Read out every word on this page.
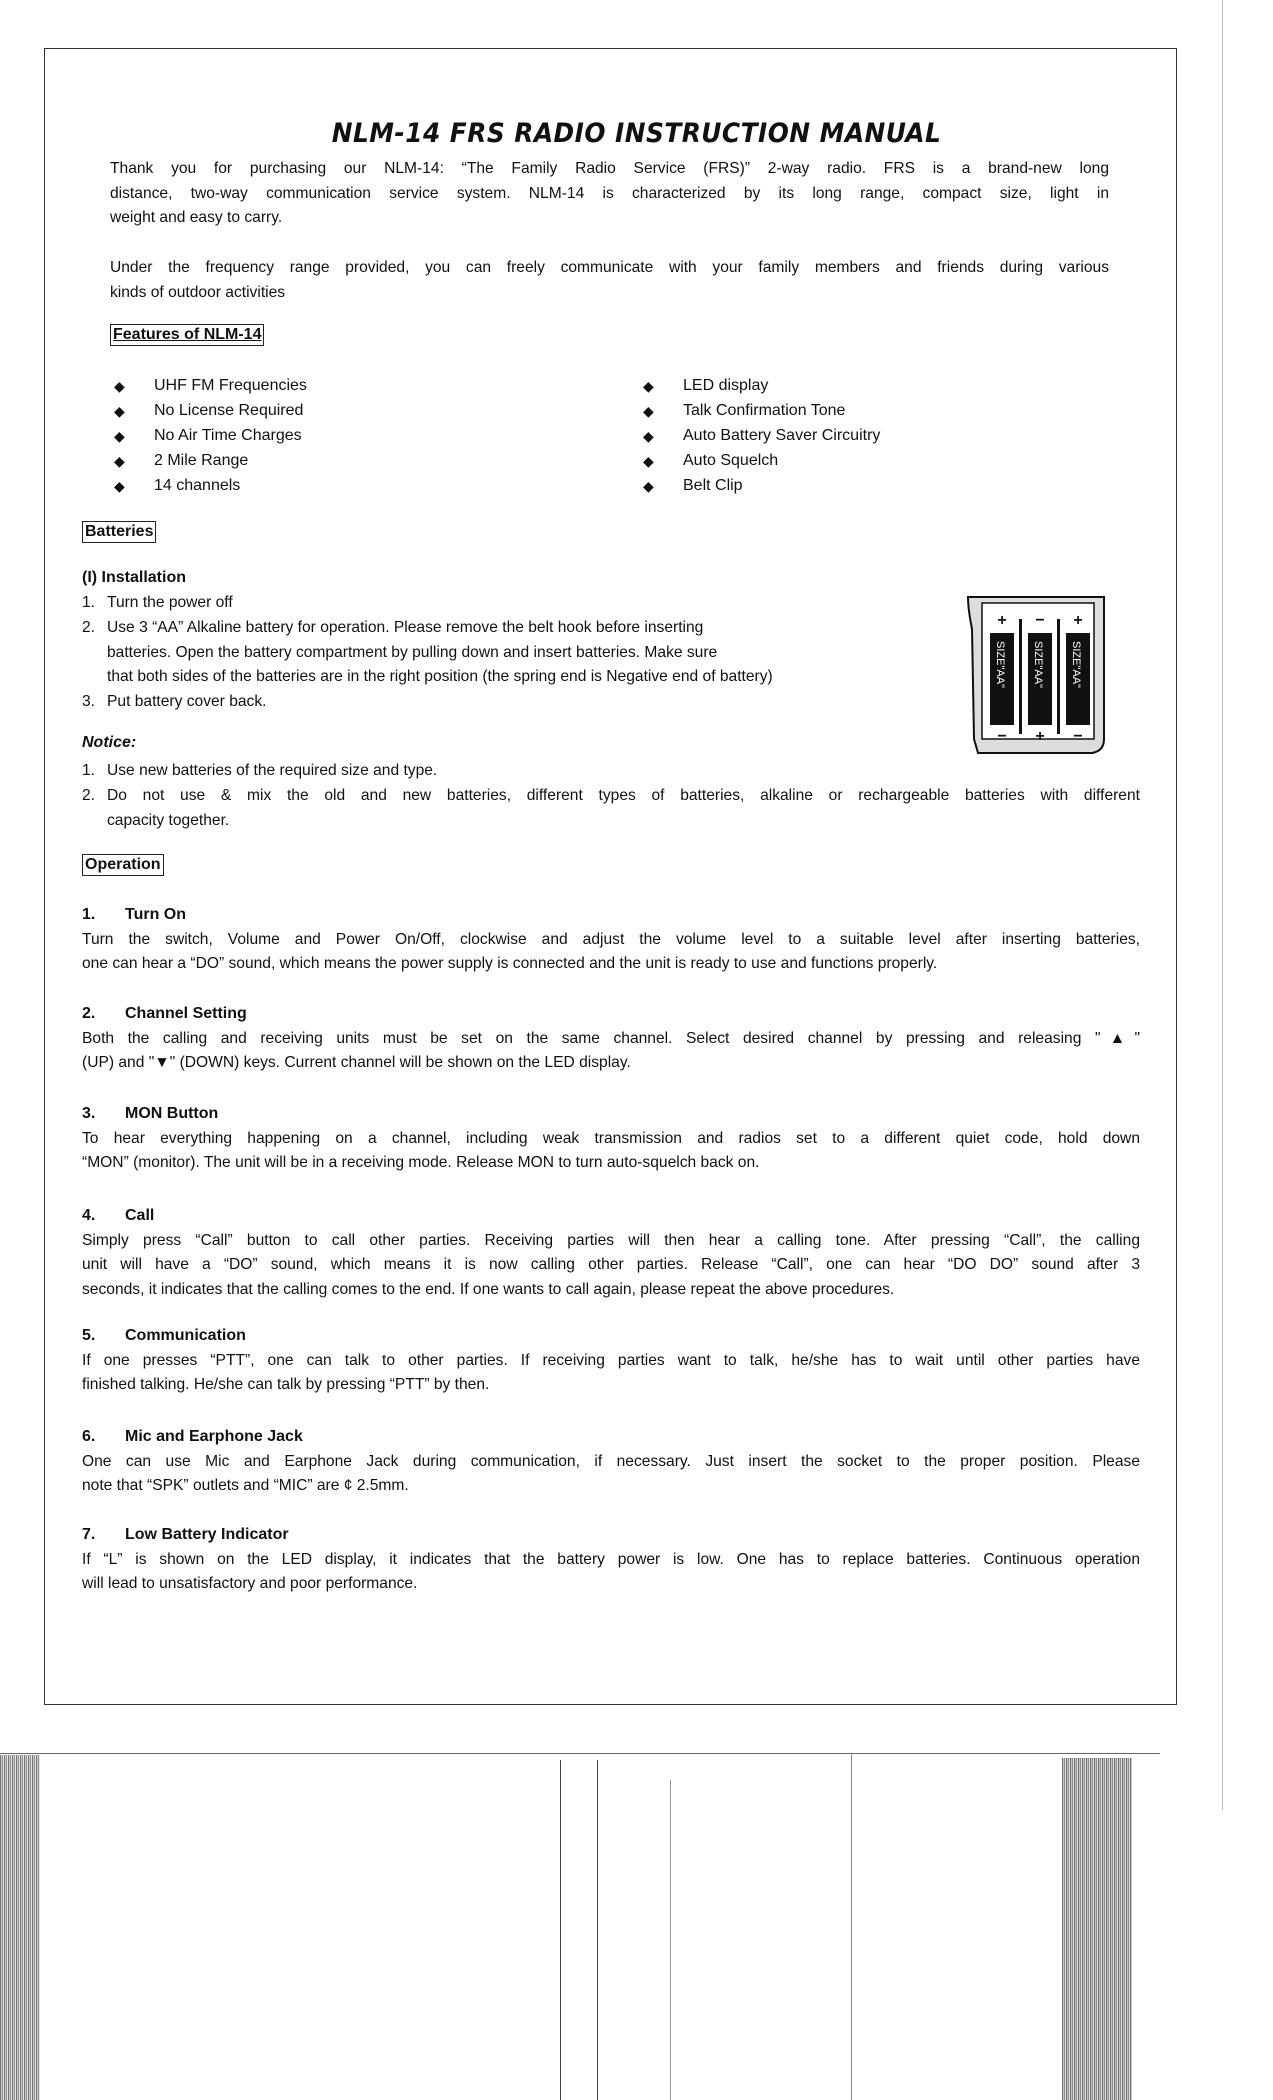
NLM-14 FRS RADIO INSTRUCTION MANUAL
Thank you for purchasing our NLM-14: “The Family Radio Service (FRS)” 2-way radio. FRS is a brand-new long
distance, two-way communication service system. NLM-14 is characterized by its long range, compact size, light in
weight and easy to carry.
Under the frequency range provided, you can freely communicate with your family members and friends during various
kinds of outdoor activities
Features of NLM-14
◆	UHF FM Frequencies
◆	No License Required
◆	No Air Time Charges
◆	2 Mile Range
◆	14 channels
◆	LED display
◆	Talk Confirmation Tone
◆	Auto Battery Saver Circuitry
◆	Auto Squelch
◆	Belt Clip
Batteries
(I) Installation
1. Turn the power off
2. Use 3 “AA” Alkaline battery for operation. Please remove the belt hook before inserting
batteries. Open the battery compartment by pulling down and insert batteries. Make sure
that both sides of the batteries are in the right position (the spring end is Negative end of battery)
3. Put battery cover back.
Notice:
1. Use new batteries of the required size and type.
2. Do not use & mix the old and new batteries, different types of batteries, alkaline or rechargeable batteries with different
capacity together.
+ − +
− + −
SIZE"AA" SIZE"AA" SIZE"AA"
Operation
1. Turn On
Turn the switch, Volume and Power On/Off, clockwise and adjust the volume level to a suitable level after inserting batteries,
one can hear a “DO” sound, which means the power supply is connected and the unit is ready to use and functions properly.
2. Channel Setting
Both the calling and receiving units must be set on the same channel. Select desired channel by pressing and releasing "▲"
(UP) and "▼" (DOWN) keys. Current channel will be shown on the LED display.
3. MON Button
To hear everything happening on a channel, including weak transmission and radios set to a different quiet code, hold down
“MON” (monitor). The unit will be in a receiving mode. Release MON to turn auto-squelch back on.
4. Call
Simply press “Call” button to call other parties. Receiving parties will then hear a calling tone. After pressing “Call”, the calling
unit will have a “DO” sound, which means it is now calling other parties. Release “Call”, one can hear “DO DO” sound after 3
seconds, it indicates that the calling comes to the end. If one wants to call again, please repeat the above procedures.
5. Communication
If one presses “PTT”, one can talk to other parties. If receiving parties want to talk, he/she has to wait until other parties have
finished talking. He/she can talk by pressing “PTT” by then.
6. Mic and Earphone Jack
One can use Mic and Earphone Jack during communication, if necessary. Just insert the socket to the proper position. Please
note that “SPK” outlets and “MIC” are ¢ 2.5mm.
7. Low Battery Indicator
If “L” is shown on the LED display, it indicates that the battery power is low. One has to replace batteries. Continuous operation
will lead to unsatisfactory and poor performance.
